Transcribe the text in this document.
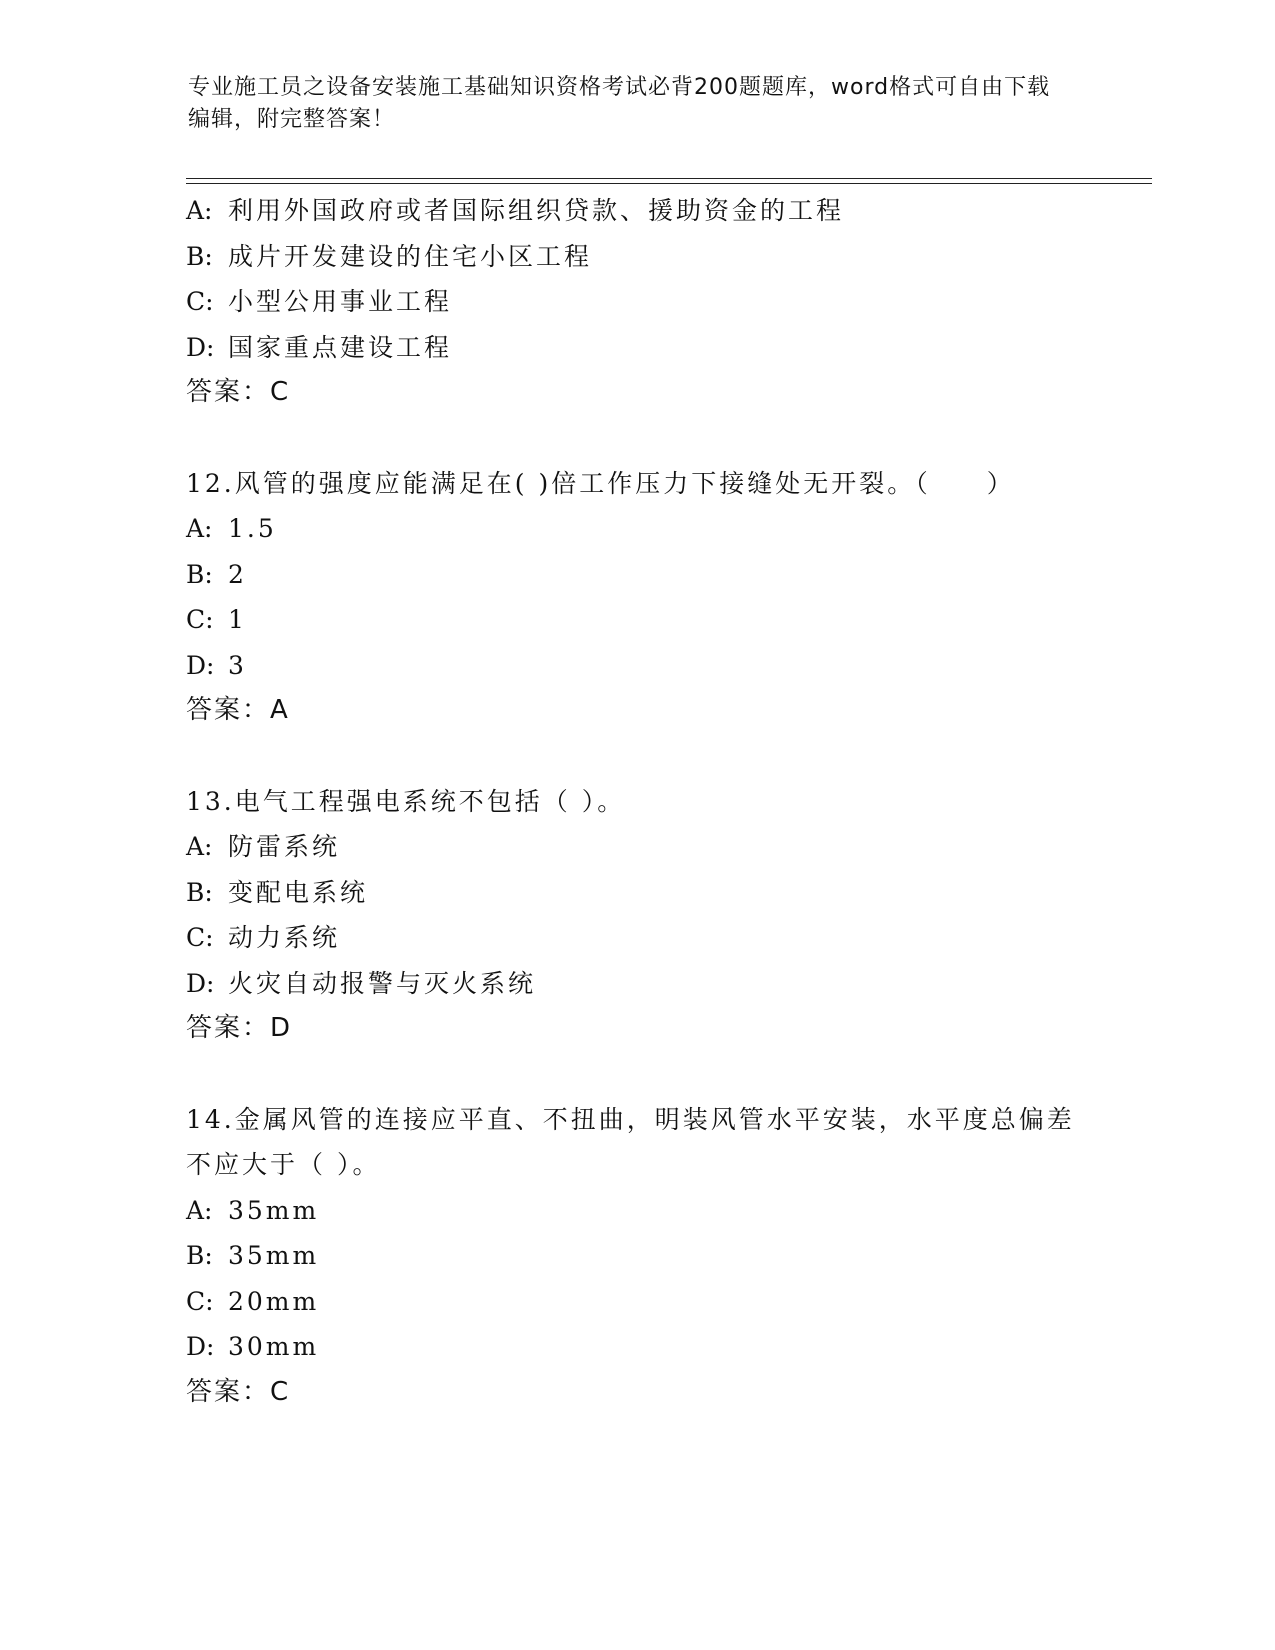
专业施工员之设备安装施工基础知识资格考试必背200题题库，word格式可自由下载编辑，附完整答案！
A: 利用外国政府或者国际组织贷款、援助资金的工程
B: 成片开发建设的住宅小区工程
C: 小型公用事业工程
D: 国家重点建设工程
答案：C
12.风管的强度应能满足在( )倍工作压力下接缝处无开裂。（　　）
A: 1.5
B: 2
C: 1
D: 3
答案：A
13.电气工程强电系统不包括（ ）。
A: 防雷系统
B: 变配电系统
C: 动力系统
D: 火灾自动报警与灭火系统
答案：D
14.金属风管的连接应平直、不扭曲，明装风管水平安装，水平度总偏差不应大于（ ）。
A: 35mm
B: 35mm
C: 20mm
D: 30mm
答案：C
